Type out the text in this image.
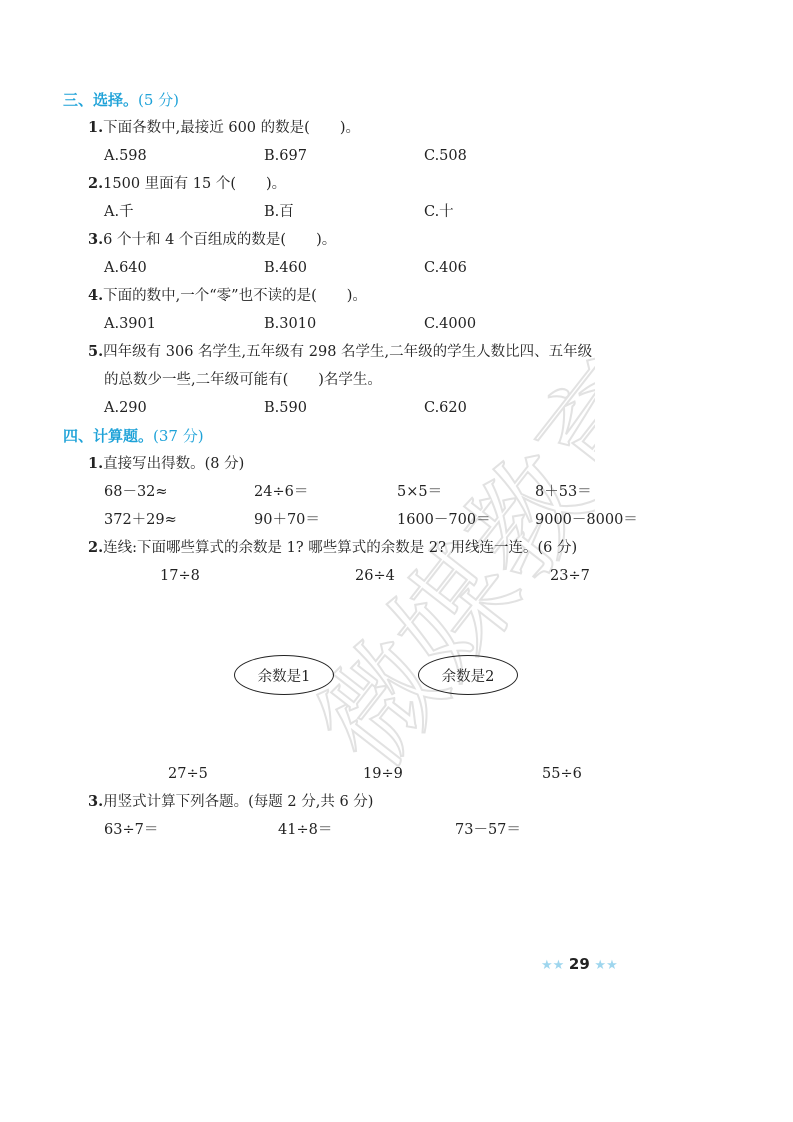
微媒教育
三、选择。(5 分)
1.下面各数中,最接近 600 的数是( )。
A.598	B.697	C.508
2.1500 里面有 15 个( )。
A.千	B.百	C.十
3.6 个十和 4 个百组成的数是( )。
A.640	B.460	C.406
4.下面的数中,一个“零”也不读的是( )。
A.3901	B.3010	C.4000
5.四年级有 306 名学生,五年级有 298 名学生,二年级的学生人数比四、五年级
的总数少一些,二年级可能有( )名学生。
A.290	B.590	C.620
四、计算题。(37 分)
1.直接写出得数。(8 分)
68－32≈	24÷6＝	5×5＝	8＋53＝
372＋29≈	90＋70＝	1600－700＝	9000－8000＝
2.连线:下面哪些算式的余数是 1? 哪些算式的余数是 2? 用线连一连。(6 分)
17÷8	26÷4	23÷7
余数是1	余数是2
27÷5	19÷9	55÷6
3.用竖式计算下列各题。(每题 2 分,共 6 分)
63÷7＝	41÷8＝	73－57＝
★★ 29 ★★
